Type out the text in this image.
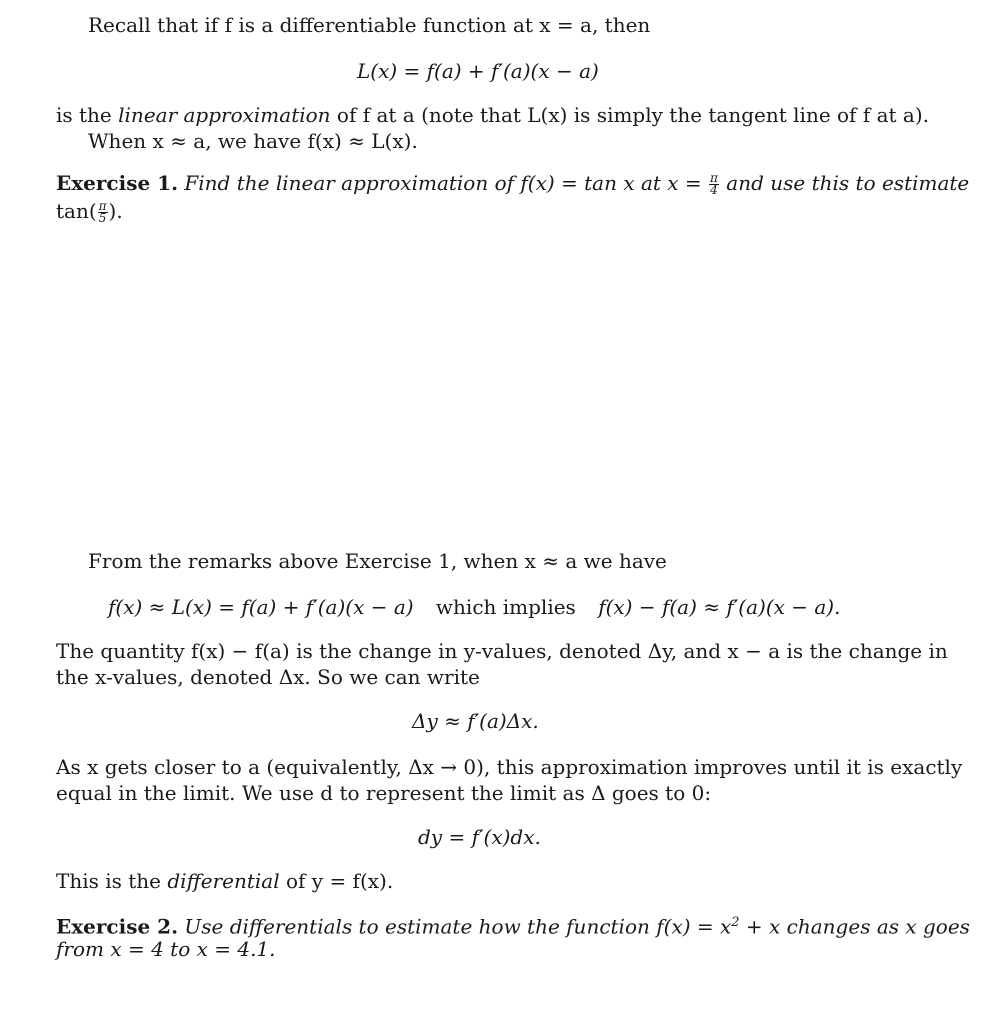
Recall that if f is a differentiable function at x = a, then
L(x) = f(a) + f′(a)(x − a)
is the linear approximation of f at a (note that L(x) is simply the tangent line of f at a).
When x ≈ a, we have f(x) ≈ L(x).
Exercise 1. Find the linear approximation of f(x) = tan x at $x = \frac{\pi}{4}$ and use this to estimate
$\tan( \frac{\pi}{5}$ ).
From the remarks above Exercise 1, when x ≈ a we have
f(x) ≈ L(x) = f(a) + f′(a)(x − a) which implies f(x) − f(a) ≈ f′(a)(x − a).
The quantity f(x) − f(a) is the change in y-values, denoted Δy, and x − a is the change in
the x-values, denoted Δx. So we can write
Δy ≈ f′(a)Δx.
As x gets closer to a (equivalently, Δx → 0), this approximation improves until it is exactly
equal in the limit. We use d to represent the limit as Δ goes to 0:
dy = f′(x)dx.
This is the differential of y = f(x).
Exercise 2. Use differentials to estimate how the function $f(x) = x^2 + x$ changes as x goes
from x = 4 to x = 4.1.
